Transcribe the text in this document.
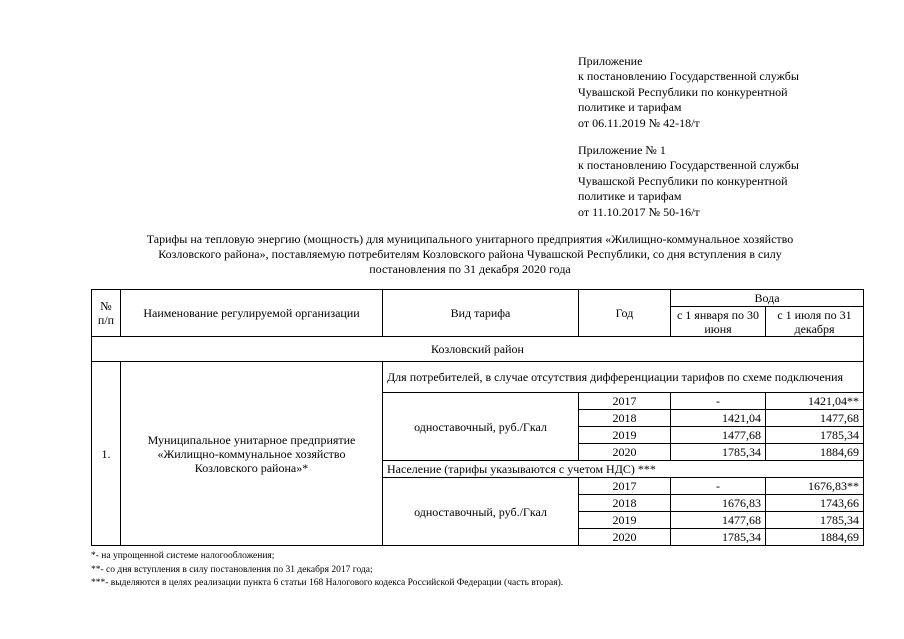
Приложение
к постановлению Государственной службы
Чувашской Республики по конкурентной
политике и тарифам
от 06.11.2019 № 42-18/т
Приложение № 1
к постановлению Государственной службы
Чувашской Республики по конкурентной
политике и тарифам
от 11.10.2017 № 50-16/т
Тарифы на тепловую энергию (мощность) для муниципального унитарного предприятия «Жилищно-коммунальное хозяйство
Козловского района», поставляемую потребителям Козловского района Чувашской Республики, со дня вступления в силу
постановления по 31 декабря 2020 года
№ п/п	Наименование регулируемой организации	Вид тарифа	Год	Вода	
				с 1 января по 30 июня	с 1 июля по 31 декабря
Козловский район					
1.	Муниципальное унитарное предприятие «Жилищно-коммунальное хозяйство Козловского района»*	Для потребителей, в случае отсутствия дифференциации тарифов по схеме подключения			
		одноставочный, руб./Гкал	2017	-	1421,04**
			2018	1421,04	1477,68
			2019	1477,68	1785,34
			2020	1785,34	1884,69
		Население (тарифы указываются с учетом НДС) ***			
		одноставочный, руб./Гкал	2017	-	1676,83**
			2018	1676,83	1743,66
			2019	1477,68	1785,34
			2020	1785,34	1884,69
*- на упрощенной системе налогообложения;
**- со дня вступления в силу постановления по 31 декабря 2017 года;
***- выделяются в целях реализации пункта 6 статьи 168 Налогового кодекса Российской Федерации (часть вторая).
